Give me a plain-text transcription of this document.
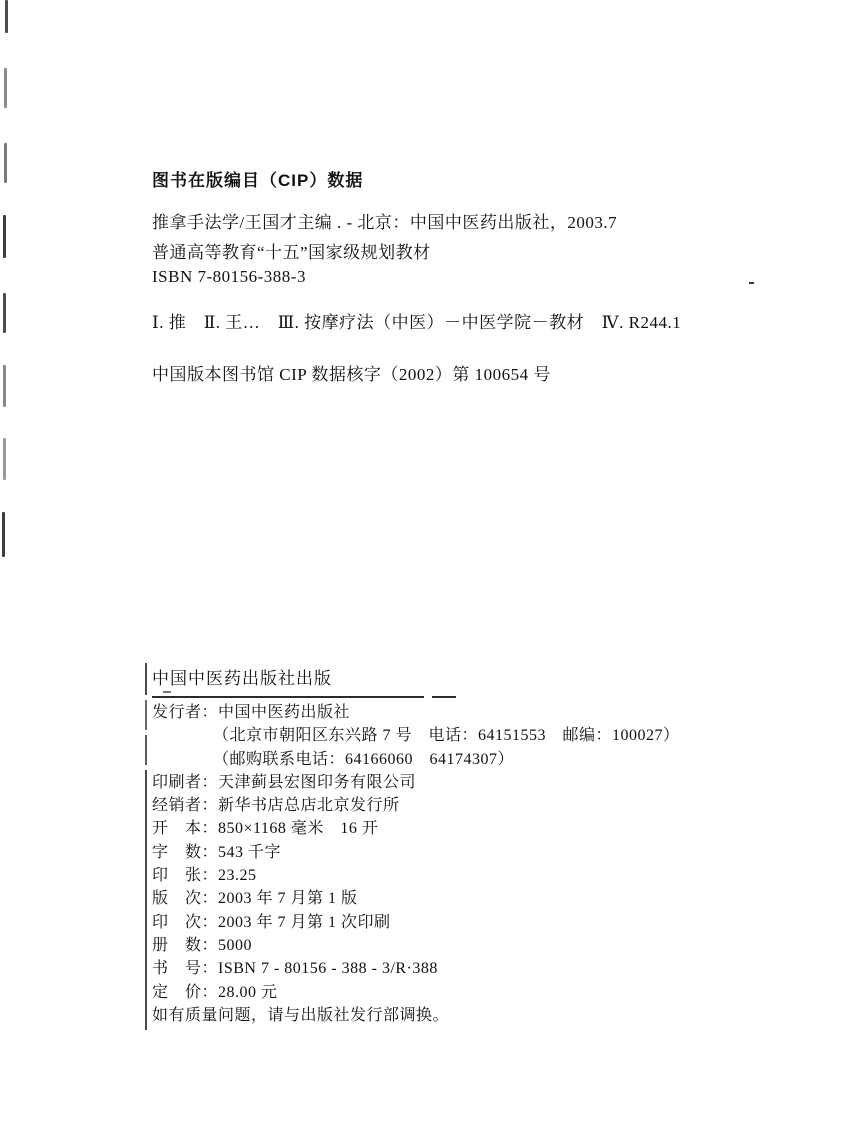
图书在版编目（CIP）数据
推拿手法学/王国才主编 . - 北京：中国中医药出版社，2003.7
普通高等教育“十五”国家级规划教材
ISBN 7-80156-388-3
Ⅰ. 推　Ⅱ. 王…　Ⅲ. 按摩疗法（中医）－中医学院－教材　Ⅳ. R244.1
中国版本图书馆 CIP 数据核字（2002）第 100654 号
中国中医药出版社出版
发行者：中国中医药出版社
（北京市朝阳区东兴路 7 号　电话：64151553　邮编：100027）
（邮购联系电话：64166060　64174307）
印刷者：天津蓟县宏图印务有限公司
经销者：新华书店总店北京发行所
开　本：850×1168 毫米　16 开
字　数：543 千字
印　张：23.25
版　次：2003 年 7 月第 1 版
印　次：2003 年 7 月第 1 次印刷
册　数：5000
书　号：ISBN 7 - 80156 - 388 - 3/R·388
定　价：28.00 元
如有质量问题，请与出版社发行部调换。
